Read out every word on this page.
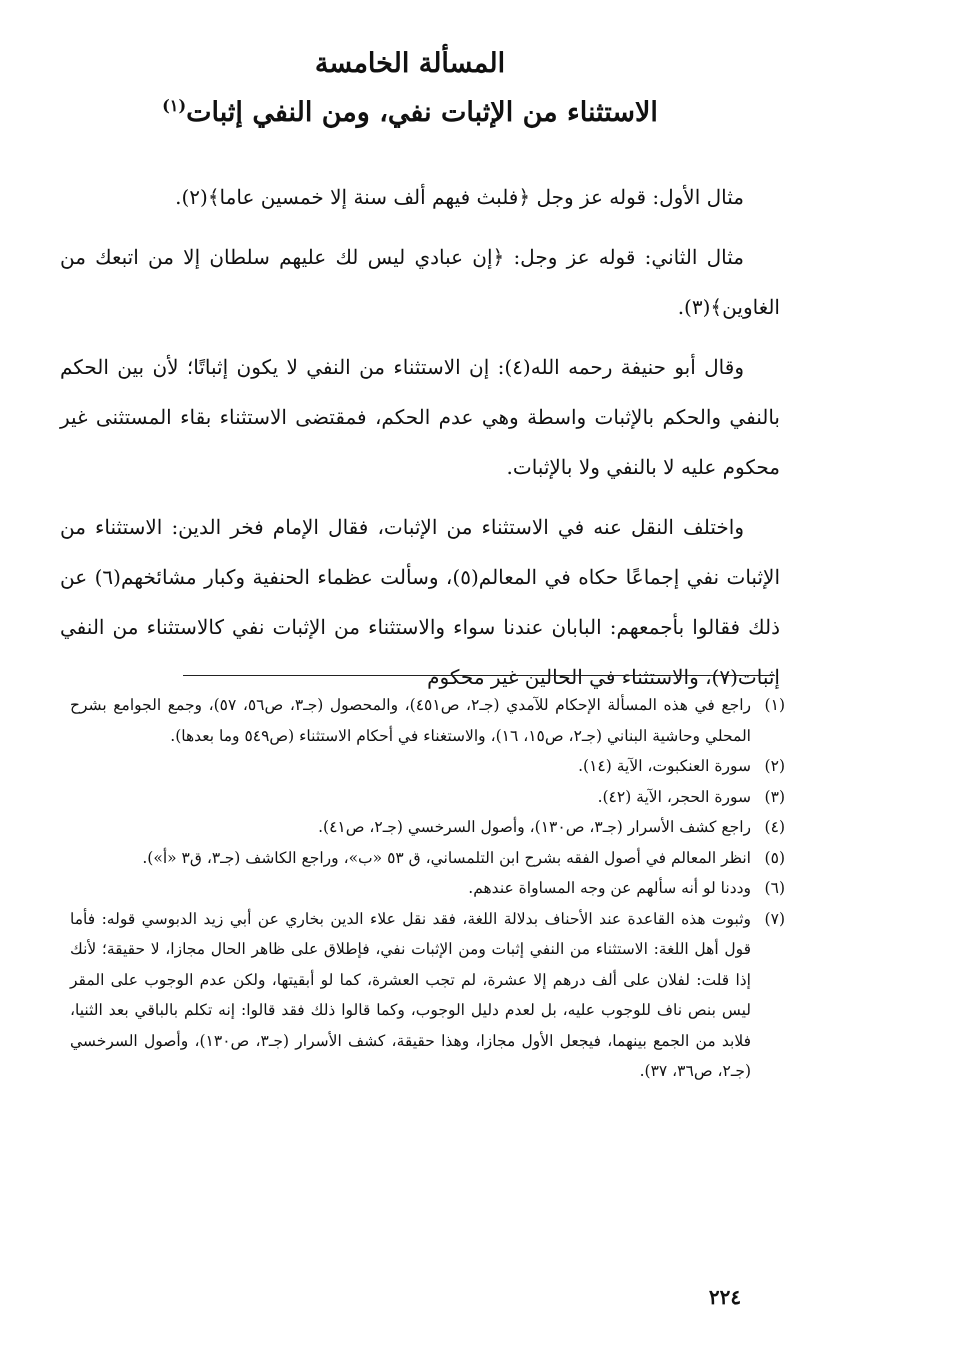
المسألة الخامسة
الاستثناء من الإثبات نفي، ومن النفي إثبات$^{(١)}$

مثال الأول: قوله عز وجل ﴿فلبث فيهم ألف سنة إلا خمسين عاما﴾(٢).

مثال الثاني: قوله عز وجل: ﴿إن عبادي ليس لك عليهم سلطان إلا من اتبعك من الغاوين﴾(٣).

وقال أبو حنيفة رحمه الله(٤): إن الاستثناء من النفي لا يكون إثباتًا؛ لأن بين الحكم بالنفي والحكم بالإثبات واسطة وهي عدم الحكم، فمقتضى الاستثناء بقاء المستثنى غير محكوم عليه لا بالنفي ولا بالإثبات.

واختلف النقل عنه في الاستثناء من الإثبات، فقال الإمام فخر الدين: الاستثناء من الإثبات نفي إجماعًا حكاه في المعالم(٥)، وسألت عظماء الحنفية وكبار مشائخهم(٦) عن ذلك فقالوا بأجمعهم: البابان عندنا سواء والاستثناء من الإثبات نفي كالاستثناء من النفي إثبات(٧)، والاستثناء في الحالين غير محكوم

(١)
راجع في هذه المسألة الإحكام للآمدي (جـ٢، ص٤٥١)، والمحصول (جـ٣، ص٥٦، ٥٧)، وجمع الجوامع بشرح المحلي وحاشية البناني (جـ٢، ص١٥، ١٦)، والاستغناء في أحكام الاستثناء (ص٥٤٩ وما بعدها).
(٢)
سورة العنكبوت، الآية (١٤).
(٣)
سورة الحجر، الآية (٤٢).
(٤)
راجع كشف الأسرار (جـ٣، ص١٣٠)، وأصول السرخسي (جـ٢، ص٤١).
(٥)
انظر المعالم في أصول الفقه بشرح ابن التلمساني، ق ٥٣ «ب»، وراجع الكاشف (جـ٣، ق٣ «أ»).
(٦)
وددنا لو أنه سألهم عن وجه المساواة عندهم.
(٧)
وثبوت هذه القاعدة عند الأحناف بدلالة اللغة، فقد نقل علاء الدين بخاري عن أبي زيد الدبوسي قوله: فأما قول أهل اللغة: الاستثناء من النفي إثبات ومن الإثبات نفي، فإطلاق على ظاهر الحال مجازا، لا حقيقة؛ لأنك إذا قلت: لفلان على ألف درهم إلا عشرة، لم تجب العشرة، كما لو أبقيتها، ولكن عدم الوجوب على المقر ليس بنص ناف للوجوب عليه، بل لعدم دليل الوجوب، وكما قالوا ذلك فقد قالوا: إنه تكلم بالباقي بعد الثنيا، فلابد من الجمع بينهما، فيجعل الأول مجازا، وهذا حقيقة، كشف الأسرار (جـ٣، ص١٣٠)، وأصول السرخسي (جـ٢، ص٣٦، ٣٧).
٢٢٤
